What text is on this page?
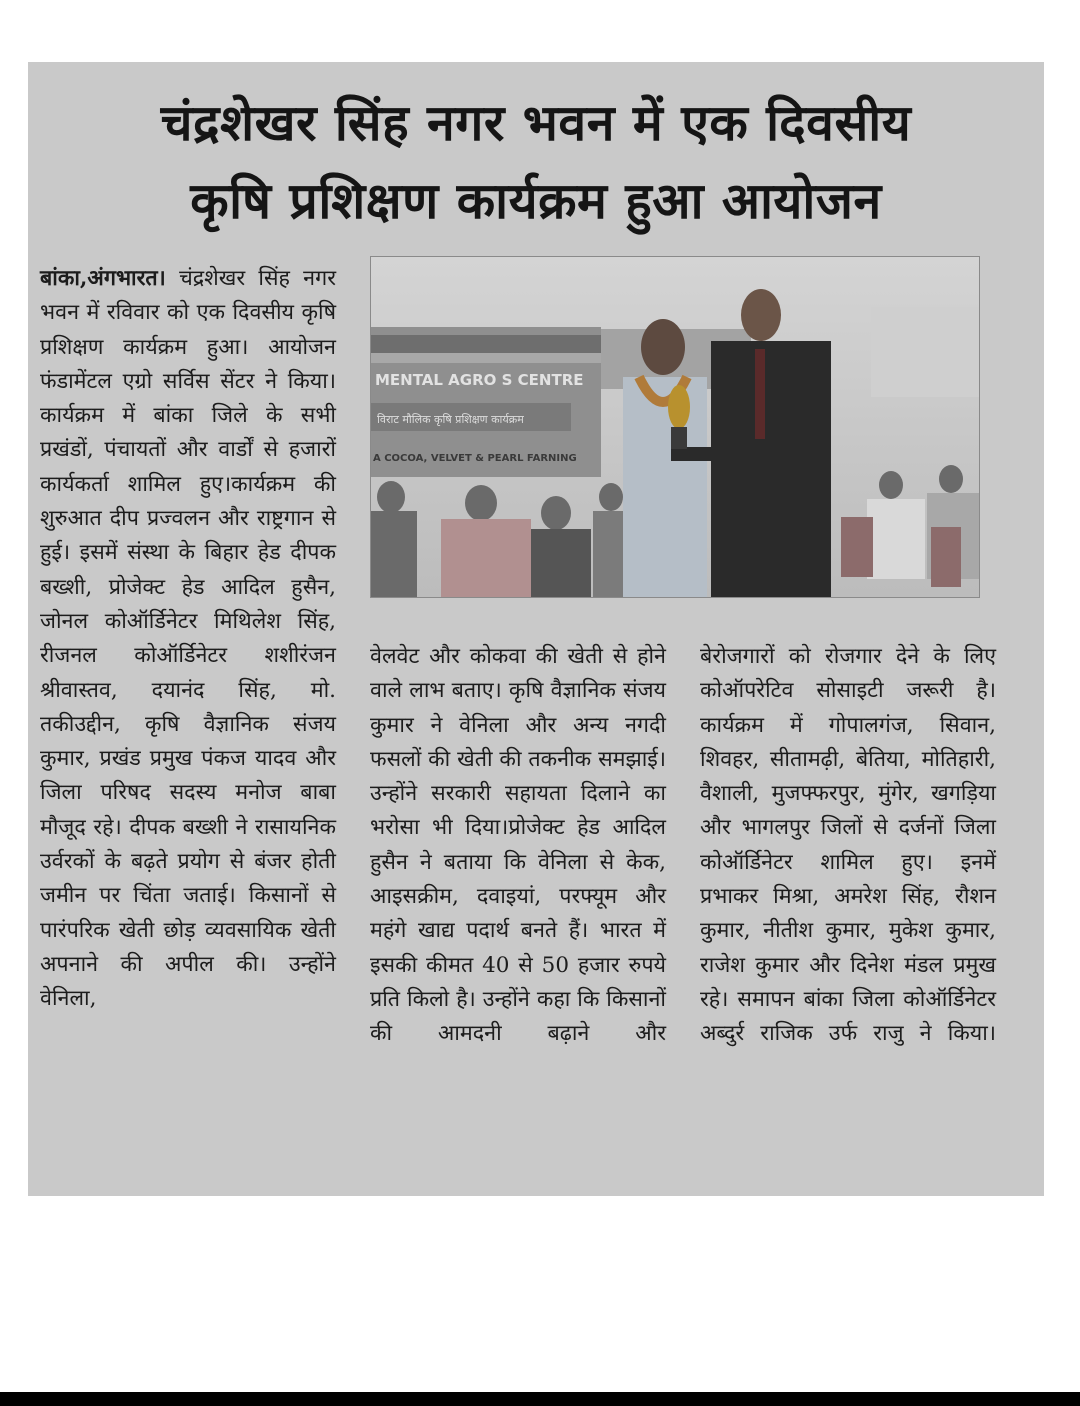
चंद्रशेखर सिंह नगर भवन में एक दिवसीय
कृषि प्रशिक्षण कार्यक्रम हुआ आयोजन
बांका,अंगभारत। चंद्रशेखर सिंह नगर भवन में रविवार को एक दिवसीय कृषि प्रशिक्षण कार्यक्रम हुआ। आयोजन फंडामेंटल एग्रो सर्विस सेंटर ने किया। कार्यक्रम में बांका जिले के सभी प्रखंडों, पंचायतों और वार्डों से हजारों कार्यकर्ता शामिल हुए।कार्यक्रम की शुरुआत दीप प्रज्वलन और राष्ट्रगान से हुई। इसमें संस्था के बिहार हेड दीपक बख्शी, प्रोजेक्ट हेड आदिल हुसैन, जोनल कोऑर्डिनेटर मिथिलेश सिंह, रीजनल कोऑर्डिनेटर शशीरंजन श्रीवास्तव, दयानंद सिंह, मो. तकीउद्दीन, कृषि वैज्ञानिक संजय कुमार, प्रखंड प्रमुख पंकज यादव और जिला परिषद सदस्य मनोज बाबा मौजूद रहे। दीपक बख्शी ने रासायनिक उर्वरकों के बढ़ते प्रयोग से बंजर होती जमीन पर चिंता जताई। किसानों से पारंपरिक खेती छोड़ व्यवसायिक खेती अपनाने की अपील की। उन्होंने वेनिला,
MENTAL AGRO S CENTRE
विराट मौलिक कृषि प्रशिक्षण कार्यक्रम
A COCOA, VELVET & PEARL FARNING
वेलवेट और कोकवा की खेती से होने वाले लाभ बताए। कृषि वैज्ञानिक संजय कुमार ने वेनिला और अन्य नगदी फसलों की खेती की तकनीक समझाई। उन्होंने सरकारी सहायता दिलाने का भरोसा भी दिया।प्रोजेक्ट हेड आदिल हुसैन ने बताया कि वेनिला से केक, आइसक्रीम, दवाइयां, परफ्यूम और महंगे खाद्य पदार्थ बनते हैं। भारत में इसकी कीमत 40 से 50 हजार रुपये प्रति किलो है। उन्होंने कहा कि किसानों की आमदनी बढ़ाने और
बेरोजगारों को रोजगार देने के लिए कोऑपरेटिव सोसाइटी जरूरी है। कार्यक्रम में गोपालगंज, सिवान, शिवहर, सीतामढ़ी, बेतिया, मोतिहारी, वैशाली, मुजफ्फरपुर, मुंगेर, खगड़िया और भागलपुर जिलों से दर्जनों जिला कोऑर्डिनेटर शामिल हुए। इनमें प्रभाकर मिश्रा, अमरेश सिंह, रौशन कुमार, नीतीश कुमार, मुकेश कुमार, राजेश कुमार और दिनेश मंडल प्रमुख रहे। समापन बांका जिला कोऑर्डिनेटर अब्दुर्र राजिक उर्फ राजु ने किया।
